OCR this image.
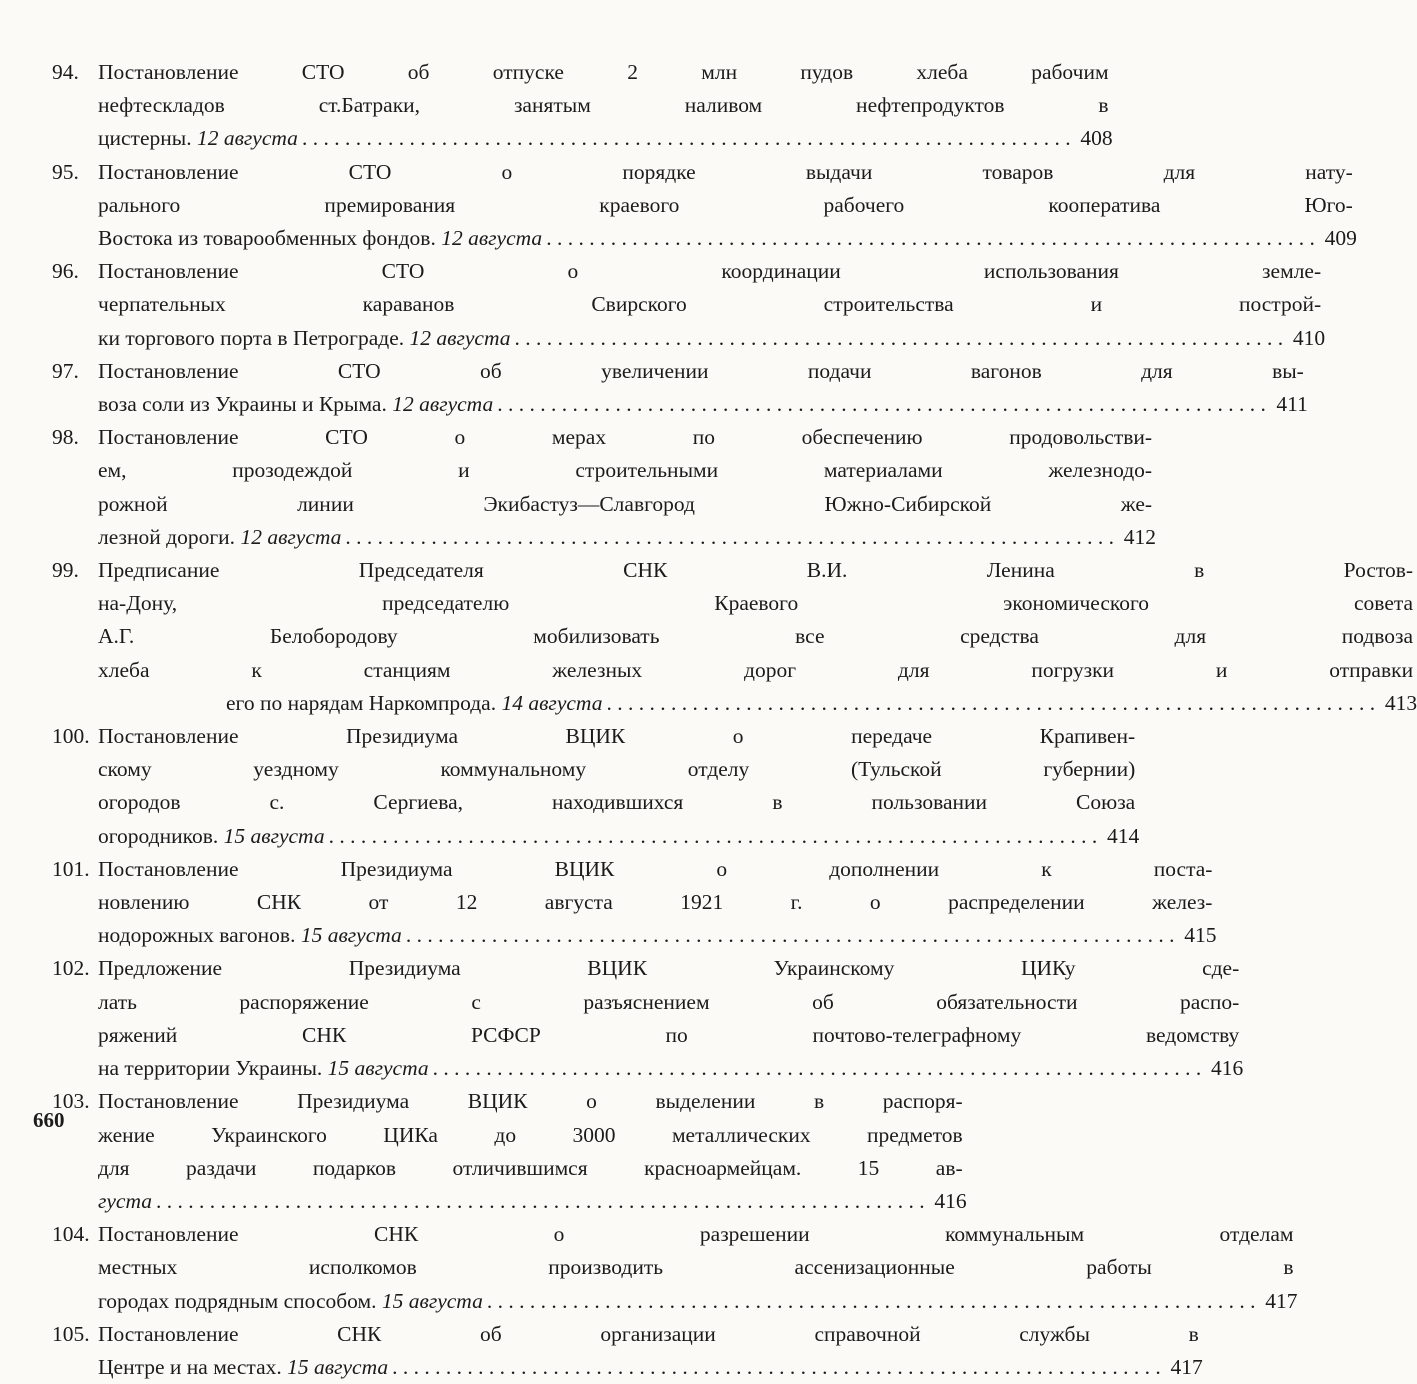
94. Постановление СТО об отпуске 2 млн пудов хлеба рабочим
нефтескладов ст.Батраки, занятым наливом нефтепродуктов в
цистерны. 12 августа . . .	408
95. Постановление СТО о порядке выдачи товаров для нату-
рального премирования краевого рабочего кооператива Юго-
Востока из товарообменных фондов. 12 августа . . .	409
96. Постановление СТО о координации использования земле-
черпательных караванов Свирского строительства и построй-
ки торгового порта в Петрограде. 12 августа . . .	410
97. Постановление СТО об увеличении подачи вагонов для вы-
воза соли из Украины и Крыма. 12 августа . . .	411
98. Постановление СТО о мерах по обеспечению продовольстви-
ем, прозодеждой и строительными материалами железнодо-
рожной линии Экибастуз—Славгород Южно-Сибирской же-
лезной дороги. 12 августа . . .	412
99. Предписание Председателя СНК В.И. Ленина в Ростов-
на-Дону, председателю Краевого экономического совета
А.Г. Белобородову мобилизовать все средства для подвоза
хлеба к станциям железных дорог для погрузки и отправки
его по нарядам Наркомпрода. 14 августа . . .	413
100. Постановление Президиума ВЦИК о передаче Крапивен-
скому уездному коммунальному отделу (Тульской губернии)
огородов с. Сергиева, находившихся в пользовании Союза
огородников. 15 августа . . .	414
101. Постановление Президиума ВЦИК о дополнении к поста-
новлению СНК от 12 августа 1921 г. о распределении желез-
нодорожных вагонов. 15 августа . . .	415
102. Предложение Президиума ВЦИК Украинскому ЦИКу сде-
лать распоряжение с разъяснением об обязательности распо-
ряжений СНК РСФСР по почтово-телеграфному ведомству
на территории Украины. 15 августа . . .	416
103. Постановление Президиума ВЦИК о выделении в распоря-
жение Украинского ЦИКа до 3000 металлических предметов
для раздачи подарков отличившимся красноармейцам. 15 ав-
густа . . .	416
104. Постановление СНК о разрешении коммунальным отделам
местных исполкомов производить ассенизационные работы в
городах подрядным способом. 15 августа . . .	417
105. Постановление СНК об организации справочной службы в
Центре и на местах. 15 августа . . .	417
660
